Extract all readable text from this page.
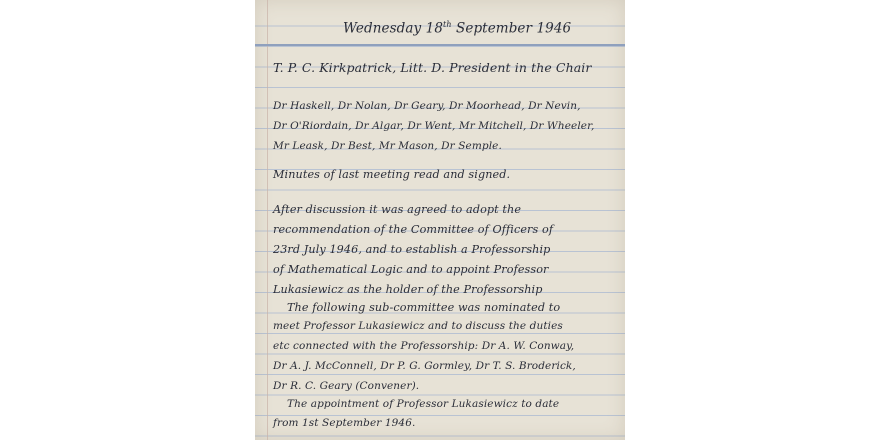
Wednesday 18th September 1946
T. P. C. Kirkpatrick, Litt. D. President in the Chair
Dr Haskell, Dr Nolan, Dr Geary, Dr Moorhead, Dr Nevin,
Dr O'Riordain, Dr Algar, Dr Went, Mr Mitchell, Dr Wheeler,
Mr Leask, Dr Best, Mr Mason, Dr Semple.
Minutes of last meeting read and signed.
After discussion it was agreed to adopt the
recommendation of the Committee of Officers of
23rd July 1946, and to establish a Professorship
of Mathematical Logic and to appoint Professor
Lukasiewicz as the holder of the Professorship
The following sub-committee was nominated to
meet Professor Lukasiewicz and to discuss the duties
etc connected with the Professorship: Dr A. W. Conway,
Dr A. J. McConnell, Dr P. G. Gormley, Dr T. S. Broderick,
Dr R. C. Geary (Convener).
The appointment of Professor Lukasiewicz to date
from 1st September 1946.
